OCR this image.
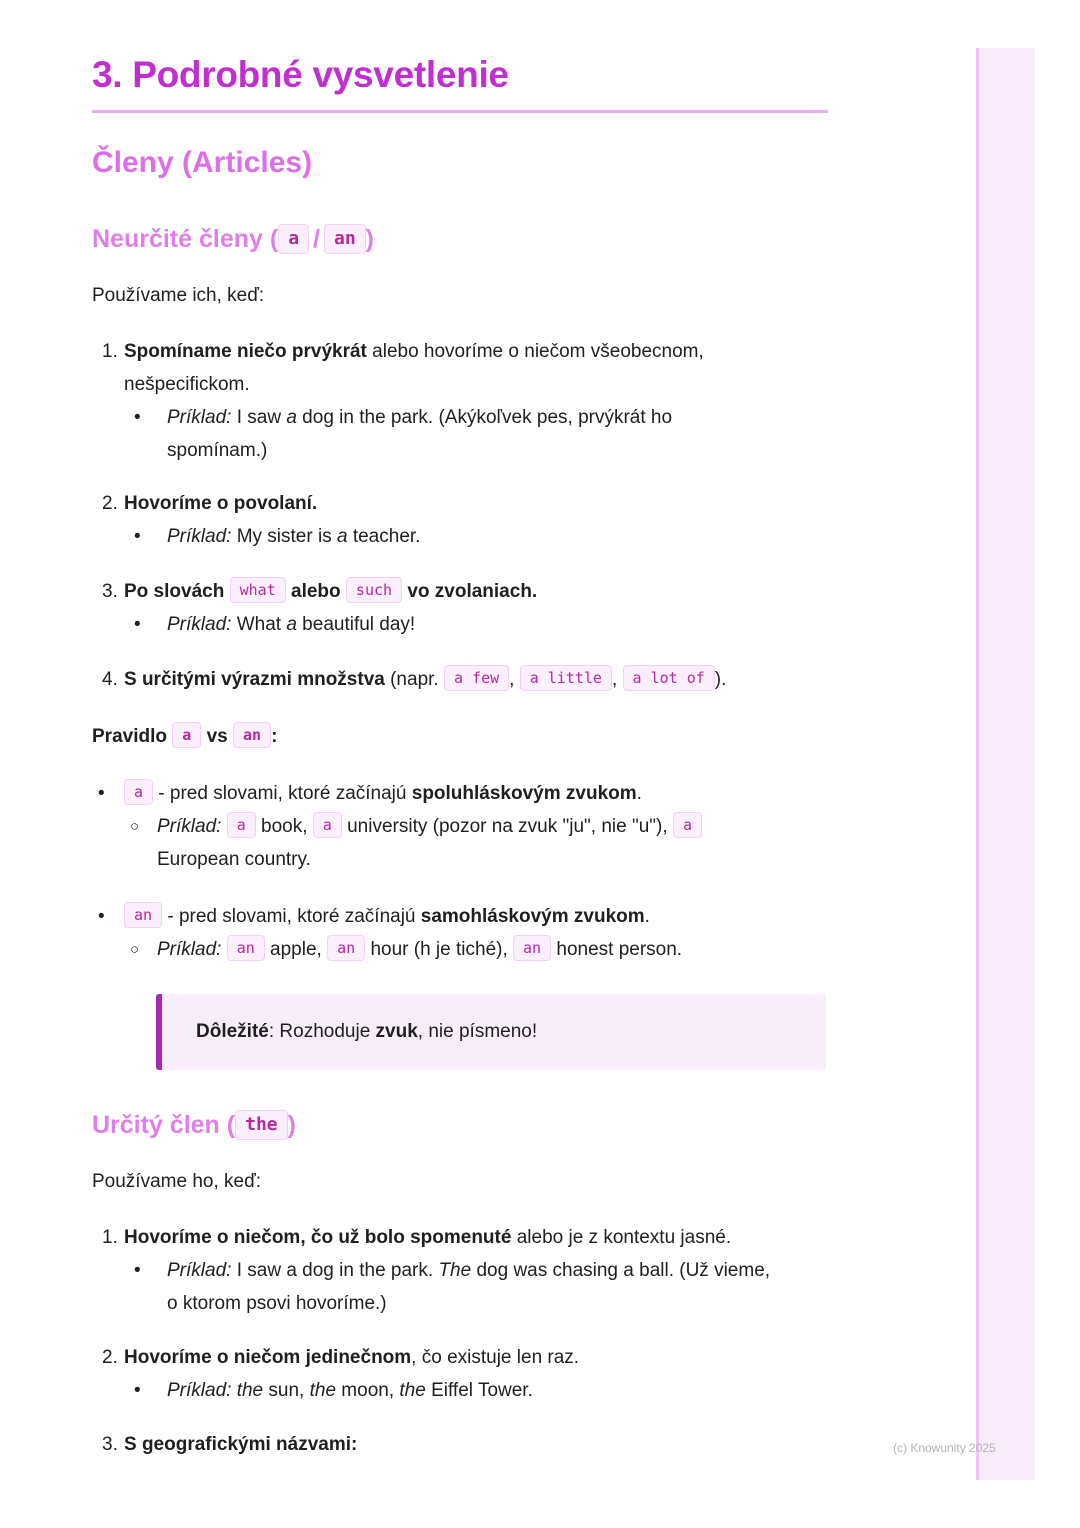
3. Podrobné vysvetlenie
Členy (Articles)
Neurčité členy ( a / an )
Používame ich, keď:
1. Spomíname niečo prvýkrát alebo hovoríme o niečom všeobecnom,
nešpecifickom.
•	Príklad: I saw a dog in the park. (Akýkoľvek pes, prvýkrát ho
spomínam.)
2. Hovoríme o povolaní.
•	Príklad: My sister is a teacher.
3. Po slovách what alebo such vo zvolaniach.
•	Príklad: What a beautiful day!
4. S určitými výrazmi množstva (napr. a few , a little , a lot of ).
Pravidlo a vs an :
•	a - pred slovami, ktoré začínajú spoluhláskovým zvukom.
○ Príklad: a book, a university (pozor na zvuk "ju", nie "u"), a
European country.
•	an - pred slovami, ktoré začínajú samohláskovým zvukom.
○ Príklad: an apple, an hour (h je tiché), an honest person.
Dôležité: Rozhoduje zvuk, nie písmeno!
Určitý člen ( the )
Používame ho, keď:
1. Hovoríme o niečom, čo už bolo spomenuté alebo je z kontextu jasné.
•	Príklad: I saw a dog in the park. The dog was chasing a ball. (Už vieme,
o ktorom psovi hovoríme.)
2. Hovoríme o niečom jedinečnom, čo existuje len raz.
•	Príklad: the sun, the moon, the Eiffel Tower.
3. S geografickými názvami:	(c) Knowunity 2025
